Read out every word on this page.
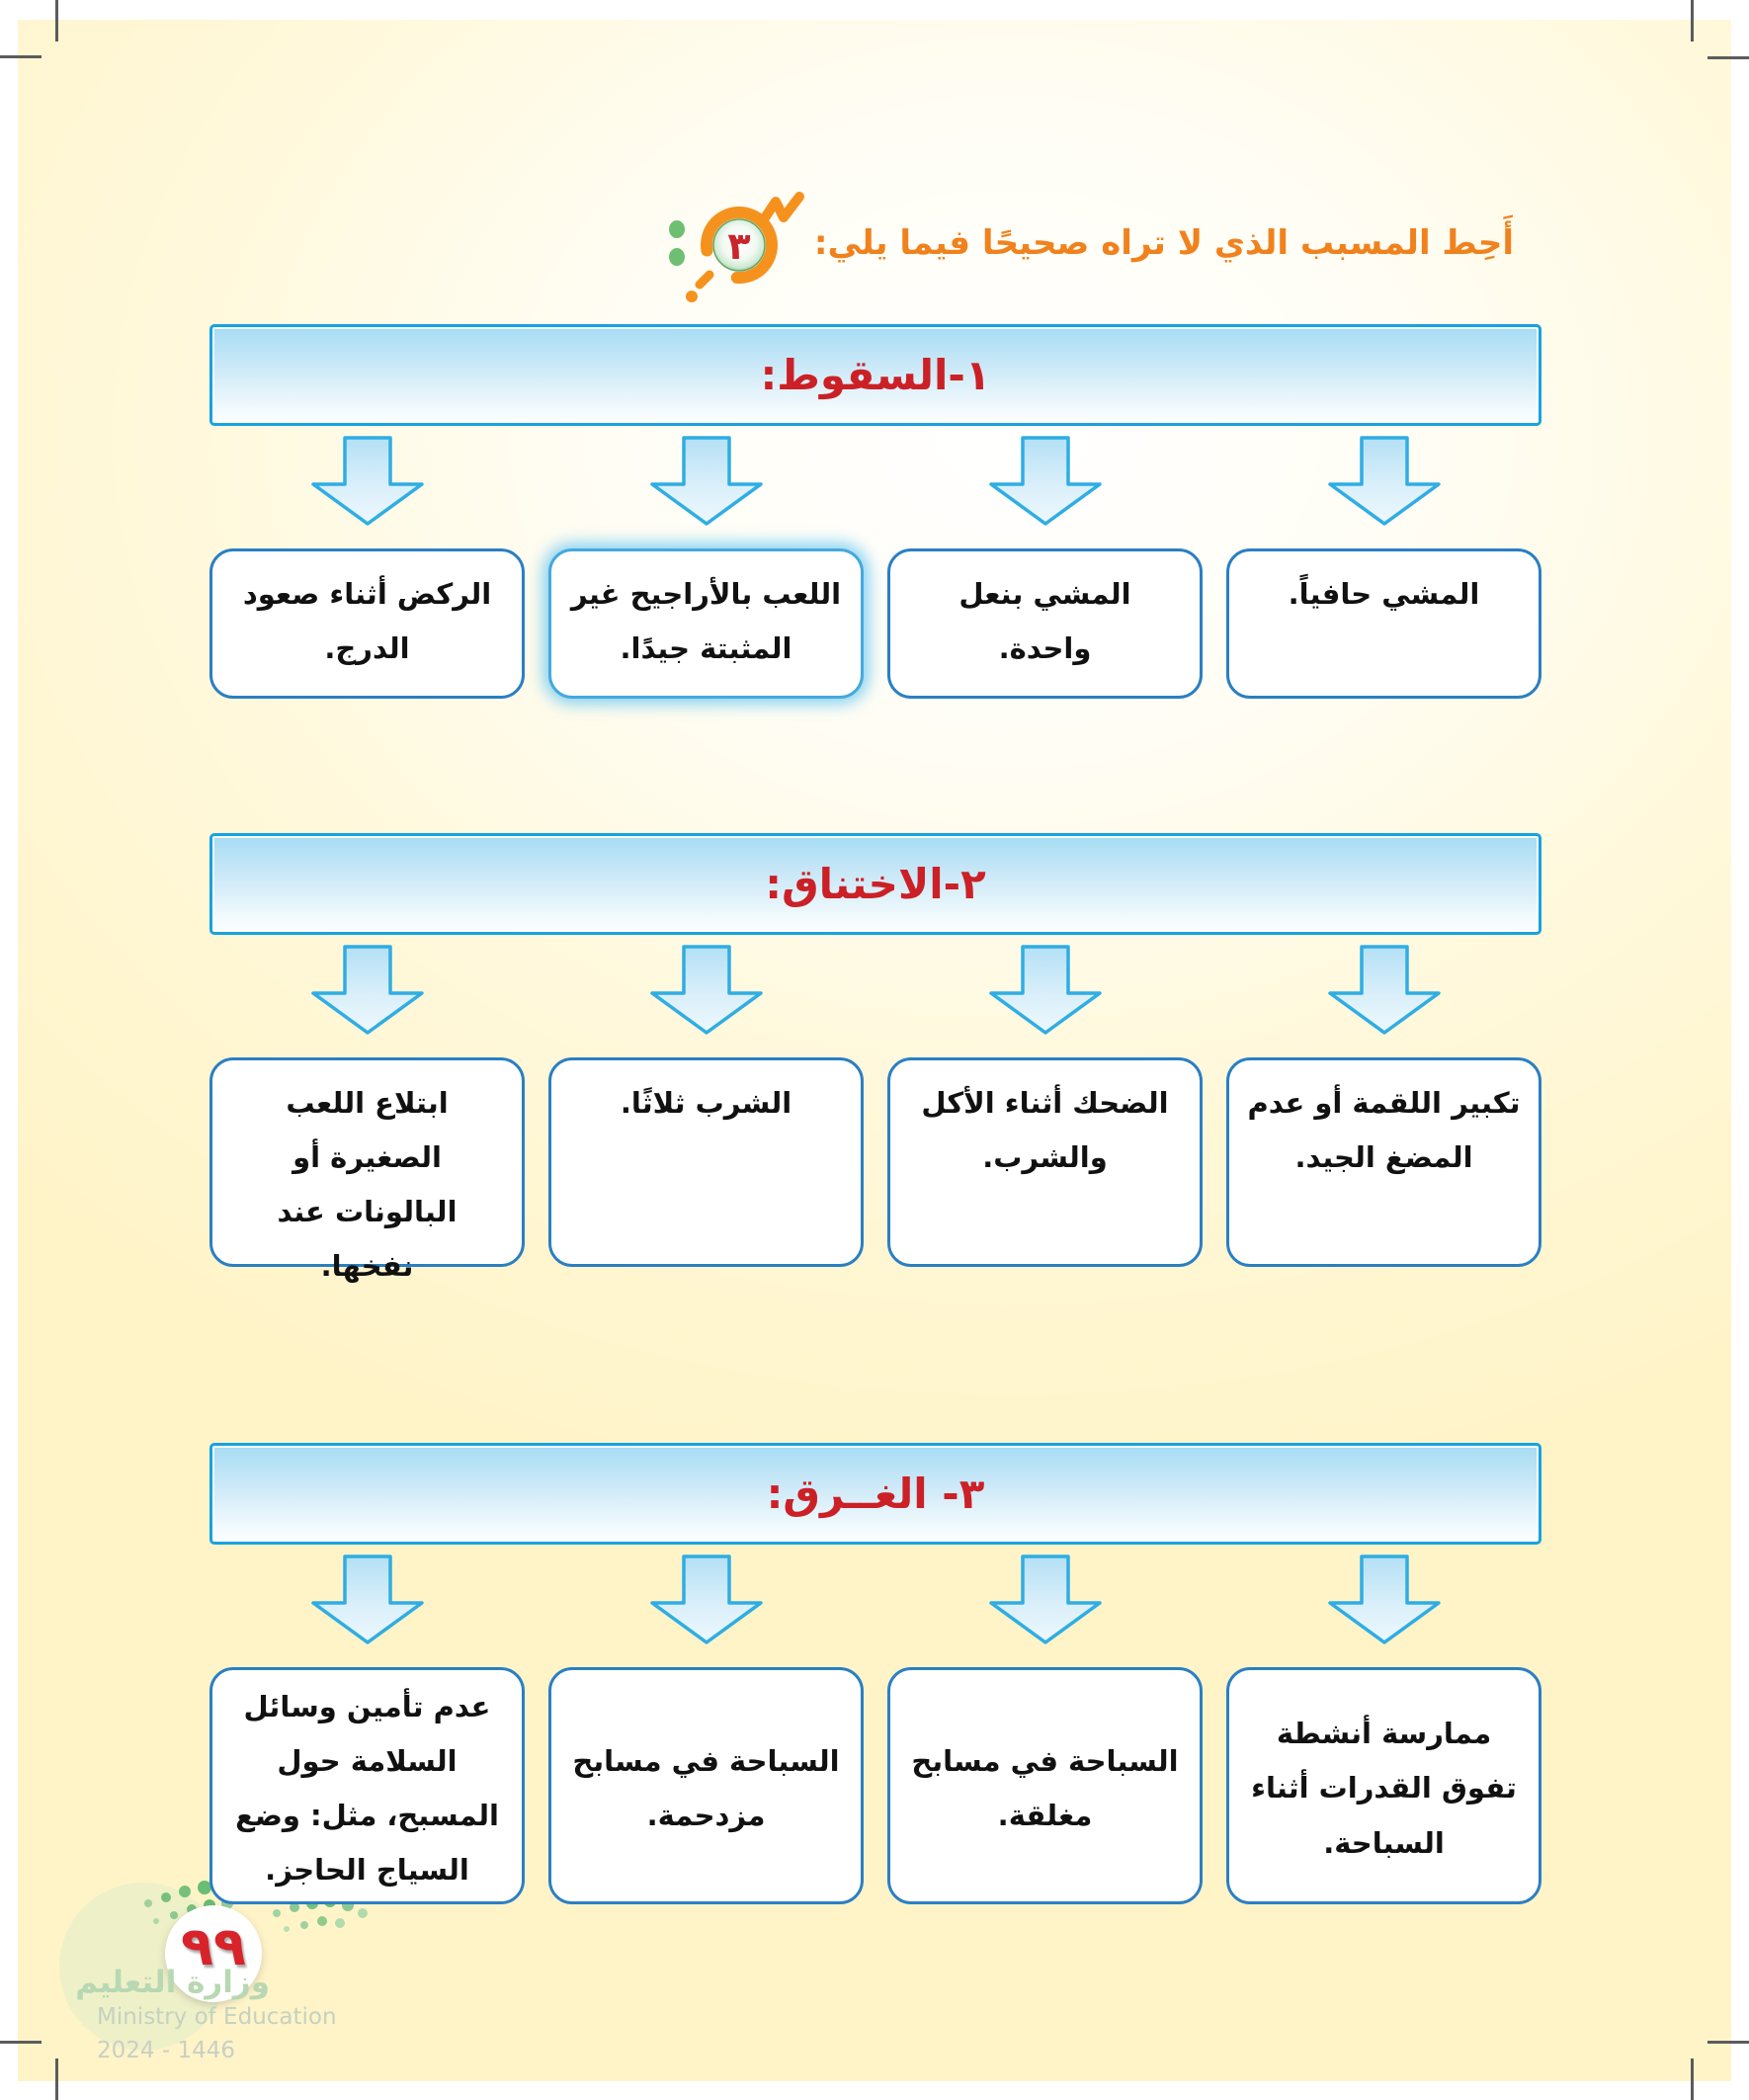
٩٩
وزارة التعليم
Ministry of Education
2024 - 1446
٣ أَحِط المسبب الذي لا تراه صحيحًا فيما يلي:
١-السقوط:
المشي حافياً.
المشي بنعل واحدة.
اللعب بالأراجيح غير المثبتة جيدًا.
الركض أثناء صعود الدرج.
٢-الاختناق:
تكبير اللقمة أو عدم المضغ الجيد.
الضحك أثناء الأكل والشرب.
الشرب ثلاثًا.
ابتلاع اللعب الصغيرة أو البالونات عند نفخها.
٣- الغــرق:
ممارسة أنشطة تفوق القدرات أثناء السباحة.
السباحة في مسابح مغلقة.
السباحة في مسابح مزدحمة.
عدم تأمين وسائل السلامة حول المسبح، مثل: وضع السياج الحاجز.
